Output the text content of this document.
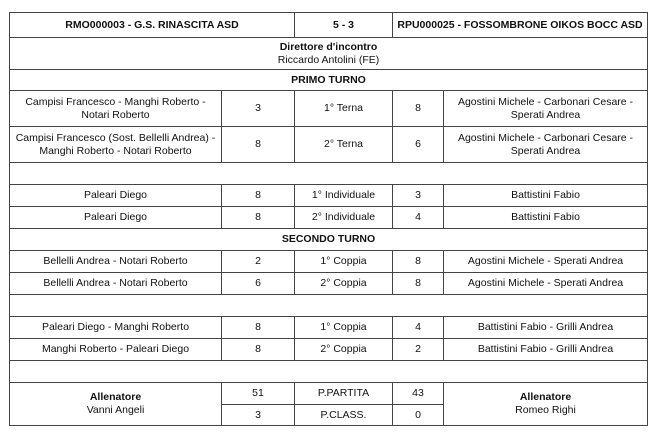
RMO000003 - G.S. RINASCITA ASD		5 - 3	RPU000025 - FOSSOMBRONE OIKOS BOCC ASD	

Direttore d'incontro
Riccardo Antolini (FE)				
PRIMO TURNO				
Campisi Francesco - Manghi Roberto - Notari Roberto	3	1° Terna	8	Agostini Michele - Carbonari Cesare - Sperati Andrea
Campisi Francesco (Sost. Bellelli Andrea) - Manghi Roberto - Notari Roberto	8	2° Terna	6	Agostini Michele - Carbonari Cesare - Sperati Andrea

Paleari Diego	8	1° Individuale	3	Battistini Fabio
Paleari Diego	8	2° Individuale	4	Battistini Fabio
SECONDO TURNO				
Bellelli Andrea - Notari Roberto	2	1° Coppia	8	Agostini Michele - Sperati Andrea
Bellelli Andrea - Notari Roberto	6	2° Coppia	8	Agostini Michele - Sperati Andrea

Paleari Diego - Manghi Roberto	8	1° Coppia	4	Battistini Fabio - Grilli Andrea
Manghi Roberto - Paleari Diego	8	2° Coppia	2	Battistini Fabio - Grilli Andrea

Allenatore
Vanni Angeli	51	P.PARTITA	43	Allenatore
Romeo Righi
	3	P.CLASS.	0	
